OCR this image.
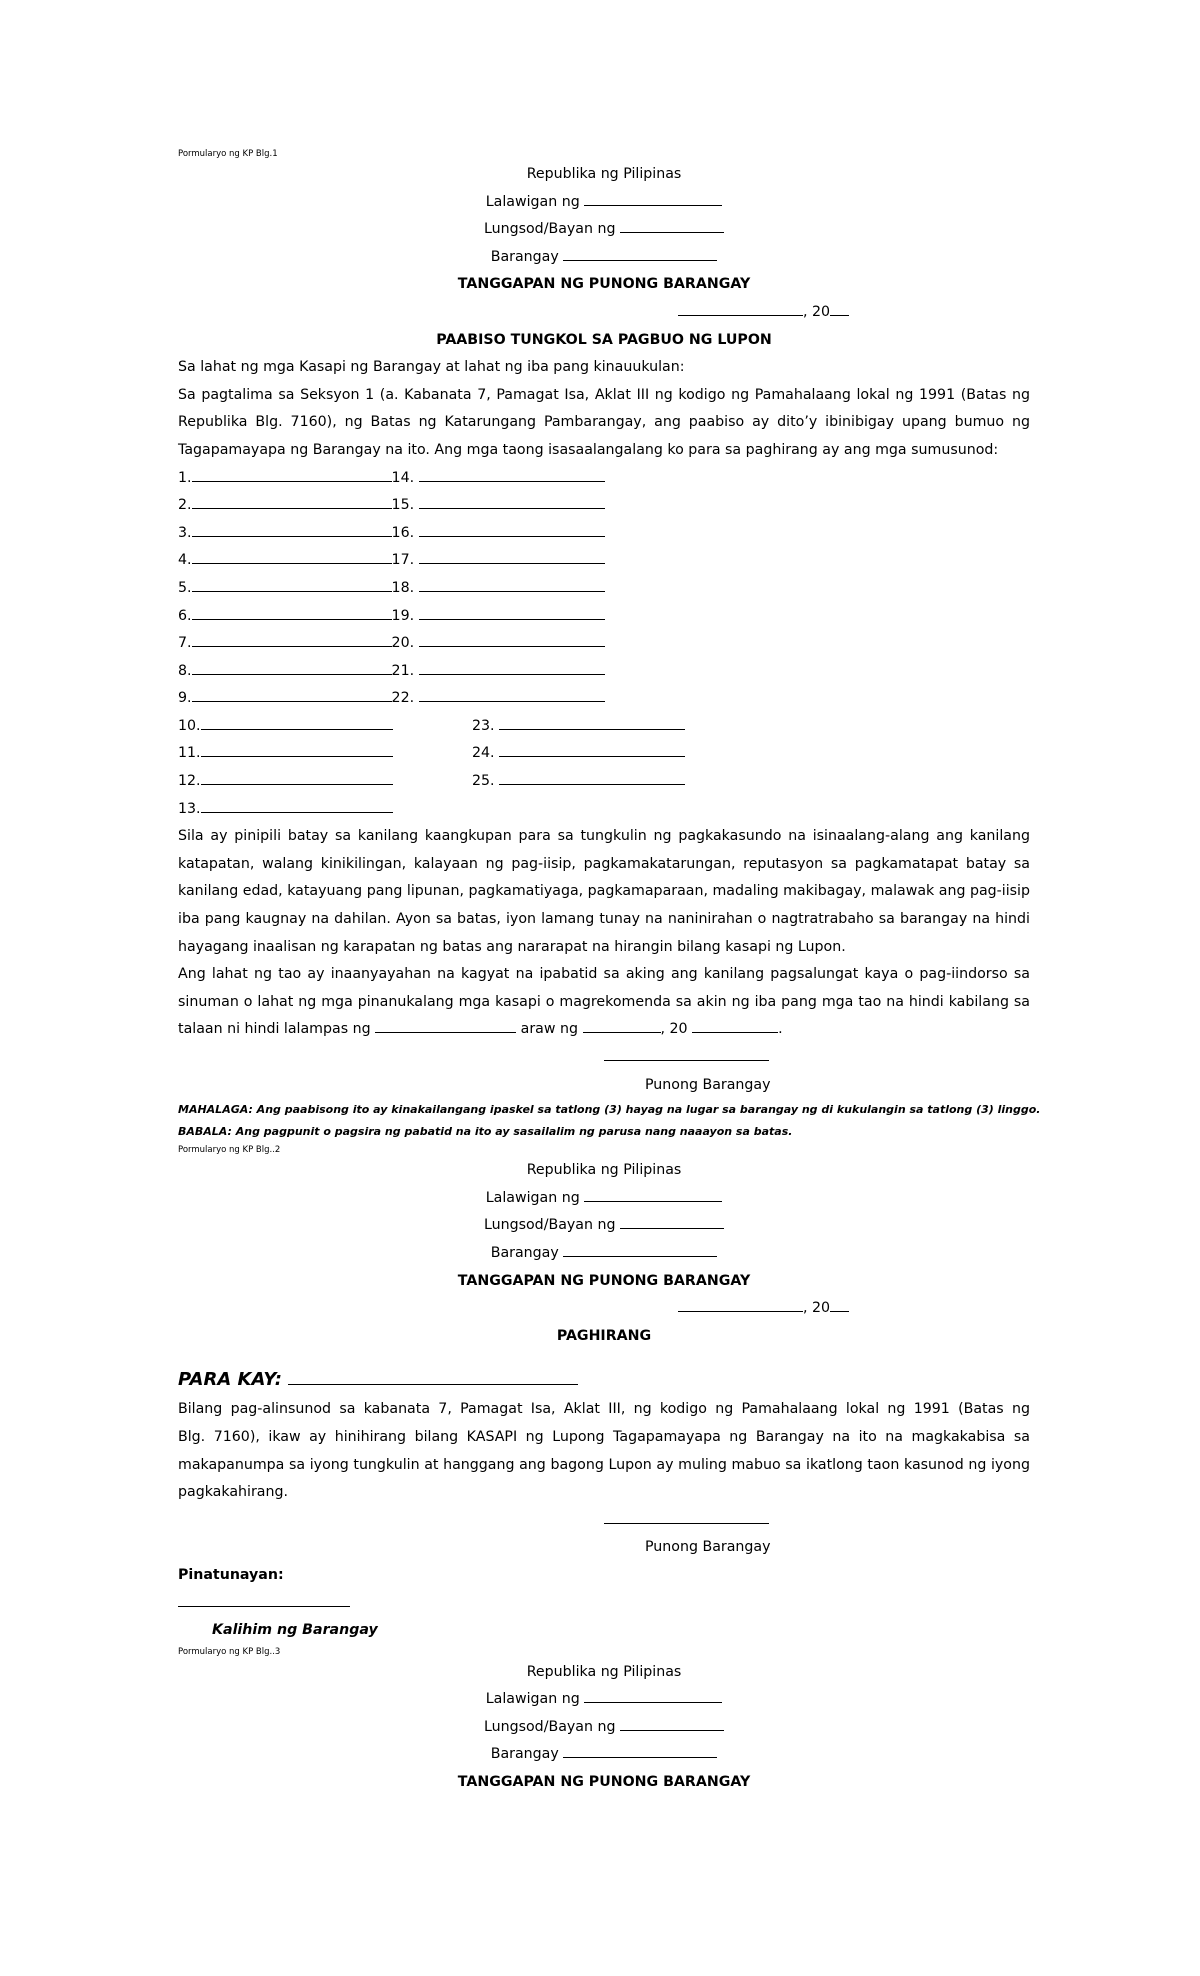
Pormularyo ng KP Blg.1
Republika ng Pilipinas
Lalawigan ng
Lungsod/Bayan ng
Barangay
TANGGAPAN NG PUNONG BARANGAY
, 20
PAABISO TUNGKOL SA PAGBUO NG LUPON
Sa lahat ng mga Kasapi ng Barangay at lahat ng iba pang kinauukulan:
Sa pagtalima sa Seksyon 1 (a. Kabanata 7, Pamagat Isa, Aklat III ng kodigo ng Pamahalaang lokal ng 1991 (Batas ng
Republika Blg. 7160), ng Batas ng Katarungang Pambarangay, ang paabiso ay dito’y ibinibigay upang bumuo ng
Tagapamayapa ng Barangay na ito. Ang mga taong isasaalangalang ko para sa paghirang ay ang mga sumusunod:
1.	14.
2.	15.
3.	16.
4.	17.
5.	18.
6.	19.
7.	20.
8.	21.
9.	22.
10.	23.
11.	24.
12.	25.
13.
Sila ay pinipili batay sa kanilang kaangkupan para sa tungkulin ng pagkakasundo na isinaalang-alang ang kanilang
katapatan, walang kinikilingan, kalayaan ng pag-iisip, pagkamakatarungan, reputasyon sa pagkamatapat batay sa
kanilang edad, katayuang pang lipunan, pagkamatiyaga, pagkamaparaan, madaling makibagay, malawak ang pag-iisip
iba pang kaugnay na dahilan. Ayon sa batas, iyon lamang tunay na naninirahan o nagtratrabaho sa barangay na hindi
hayagang inaalisan ng karapatan ng batas ang nararapat na hirangin bilang kasapi ng Lupon.
Ang lahat ng tao ay inaanyayahan na kagyat na ipabatid sa aking ang kanilang pagsalungat kaya o pag-iindorso sa
sinuman o lahat ng mga pinanukalang mga kasapi o magrekomenda sa akin ng iba pang mga tao na hindi kabilang sa
talaan ni hindi lalampas ng	araw ng	, 20	.
Punong Barangay
MAHALAGA: Ang paabisong ito ay kinakailangang ipaskel sa tatlong (3) hayag na lugar sa barangay ng di kukulangin sa tatlong (3) linggo.
BABALA: Ang pagpunit o pagsira ng pabatid na ito ay sasailalim ng parusa nang naaayon sa batas.
Pormularyo ng KP Blg..2
Republika ng Pilipinas
Lalawigan ng
Lungsod/Bayan ng
Barangay
TANGGAPAN NG PUNONG BARANGAY
, 20
PAGHIRANG
PARA KAY:
Bilang pag-alinsunod sa kabanata 7, Pamagat Isa, Aklat III, ng kodigo ng Pamahalaang lokal ng 1991 (Batas ng
Blg. 7160), ikaw ay hinihirang bilang KASAPI ng Lupong Tagapamayapa ng Barangay na ito na magkakabisa sa
makapanumpa sa iyong tungkulin at hanggang ang bagong Lupon ay muling mabuo sa ikatlong taon kasunod ng iyong
pagkakahirang.
Punong Barangay
Pinatunayan:
Kalihim ng Barangay
Pormularyo ng KP Blg..3
Republika ng Pilipinas
Lalawigan ng
Lungsod/Bayan ng
Barangay
TANGGAPAN NG PUNONG BARANGAY
